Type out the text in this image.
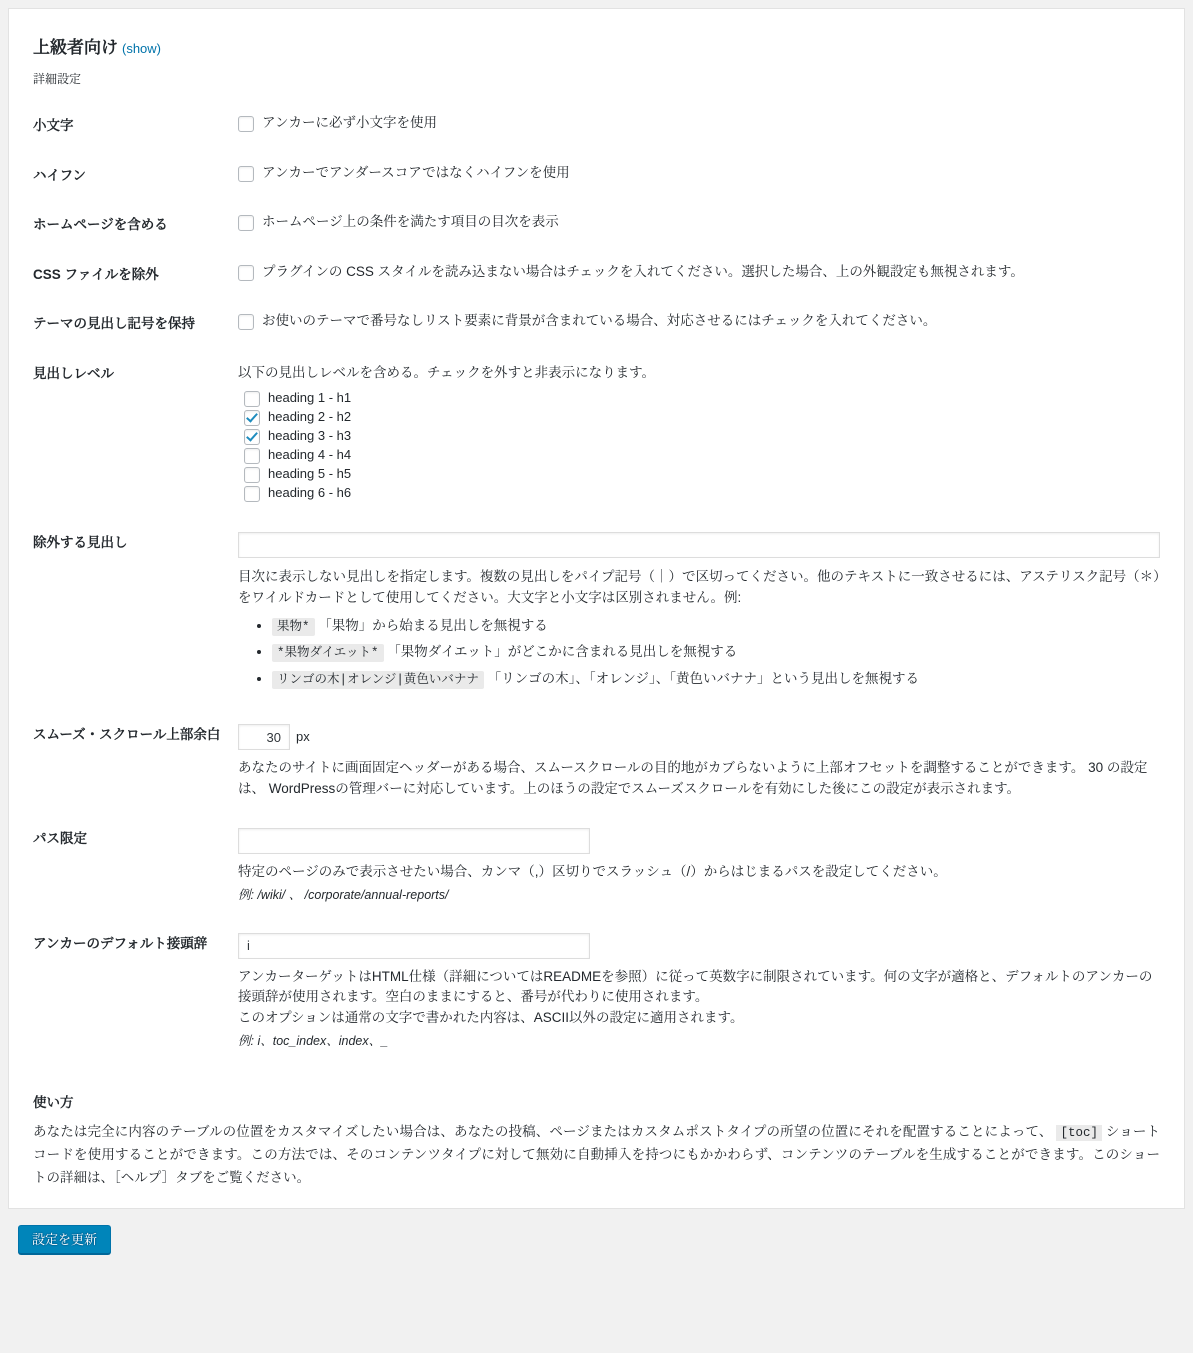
上級者向け (show)
詳細設定
小文字	アンカーに必ず小文字を使用

ハイフン	アンカーでアンダースコアではなくハイフンを使用

ホームページを含める	ホームページ上の条件を満たす項目の目次を表示

CSS ファイルを除外	プラグインの CSS スタイルを読み込まない場合はチェックを入れてください。選択した場合、上の外観設定も無視されます。

テーマの見出し記号を保持	お使いのテーマで番号なしリスト要素に背景が含まれている場合、対応させるにはチェックを入れてください。

見出しレベル	以下の見出しレベルを含める。チェックを外すと非表示になります。
heading 1 - h1
heading 2 - h2
heading 3 - h3
heading 4 - h4
heading 5 - h5
heading 6 - h6

除外する見出し	
目次に表示しない見出しを指定します。複数の見出しをパイプ記号（｜）で区切ってください。他のテキストに一致させるには、アステリスク記号（＊）をワイルドカードとして使用してください。大文字と小文字は区別されません。例:
• 果物* 「果物」から始まる見出しを無視する
• *果物ダイエット* 「果物ダイエット」がどこかに含まれる見出しを無視する
• リンゴの木|オレンジ|黄色いバナナ 「リンゴの木」、「オレンジ」、「黄色いバナナ」という見出しを無視する

スムーズ・スクロール上部余白	
30px
あなたのサイトに画面固定ヘッダーがある場合、スムースクロールの目的地がカブらないように上部オフセットを調整することができます。 30 の設定は、 WordPressの管理バーに対応しています。上のほうの設定でスムーズスクロールを有効にした後にこの設定が表示されます。

パス限定	特定のページのみで表示させたい場合、カンマ（,）区切りでスラッシュ（/）からはじまるパスを設定してください。
例: /wiki/ 、 /corporate/annual-reports/

アンカーのデフォルト接頭辞	i
アンカーターゲットはHTML仕様（詳細についてはREADMEを参照）に従って英数字に制限されています。何の文字が適格と、デフォルトのアンカーの接頭辞が使用されます。空白のままにすると、番号が代わりに使用されます。
このオプションは通常の文字で書かれた内容は、ASCII以外の設定に適用されます。
例: i、toc_index、index、_
使い方
あなたは完全に内容のテーブルの位置をカスタマイズしたい場合は、あなたの投稿、ページまたはカスタムポストタイプの所望の位置にそれを配置することによって、 [toc] ショートコードを使用することができます。この方法では、そのコンテンツタイプに対して無効に自動挿入を持つにもかかわらず、コンテンツのテーブルを生成することができます。このショートの詳細は、［ヘルプ］タブをご覧ください。
設定を更新
